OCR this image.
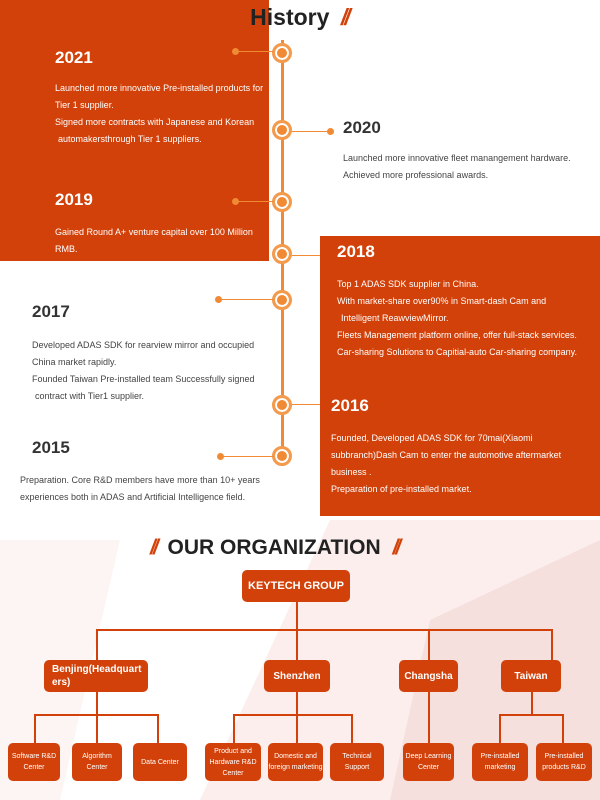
// History //
2021
Launched more innovative Pre-installed products for
Tier 1 supplier.
Signed more contracts with Japanese and Korean
automakersthrough Tier 1 suppliers.
2020
Launched more innovative fleet manangement hardware.
Achieved more professional awards.
2019
Gained Round A+ venture capital over 100 Million RMB.
Over 10 Million Users.
2018
Top 1 ADAS SDK supplier in China.
With market-share over90% in Smart-dash Cam and
Intelligent ReawviewMirror.
Fleets Management platform online, offer full-stack services.
Car-sharing Solutions to Capitial-auto Car-sharing company.
2017
Developed ADAS SDK for rearview mirror and occupied
China market rapidly.
Founded Taiwan Pre-installed team Successfully signed
contract with Tier1 supplier.	2016
Founded, Developed ADAS SDK for 70mai(Xiaomi
subbranch)Dash Cam to enter the automotive aftermarket
business .
Preparation of pre-installed market.
2015
Preparation. Core R&D members have more than 10+ years
experiences both in ADAS and Artificial Intelligence field.
// OUR ORGANIZATION //
KEYTECH GROUP
Benjing(Headquart
ers)
Shenzhen	Changsha	Taiwan
Software R&D Center
Algorithm Center
Data Center
Product and Hardware R&D Center
Domestic and foreign marketing
Technical Support
Deep Learning Center
Pre-installed marketing
Pre-installed products R&D
